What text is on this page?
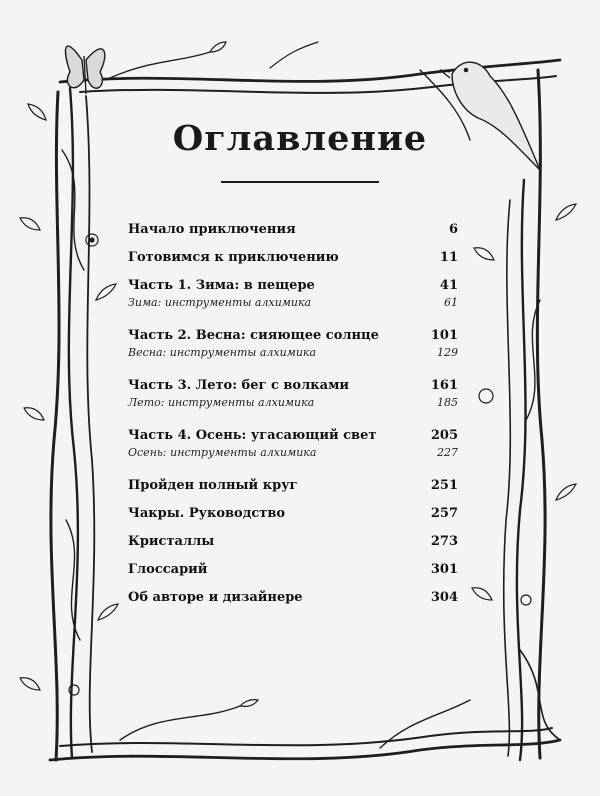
Оглавление
Начало приключения	6
Готовимся к приключению	11
Часть 1. Зима: в пещере	41
Зима: инструменты алхимика	61
Часть 2. Весна: сияющее солнце	101
Весна: инструменты алхимика	129
Часть 3. Лето: бег с волками	161
Лето: инструменты алхимика	185
Часть 4. Осень: угасающий свет	205
Осень: инструменты алхимика	227
Пройден полный круг	251
Чакры. Руководство	257
Кристаллы	273
Глоссарий	301
Об авторе и дизайнере	304
